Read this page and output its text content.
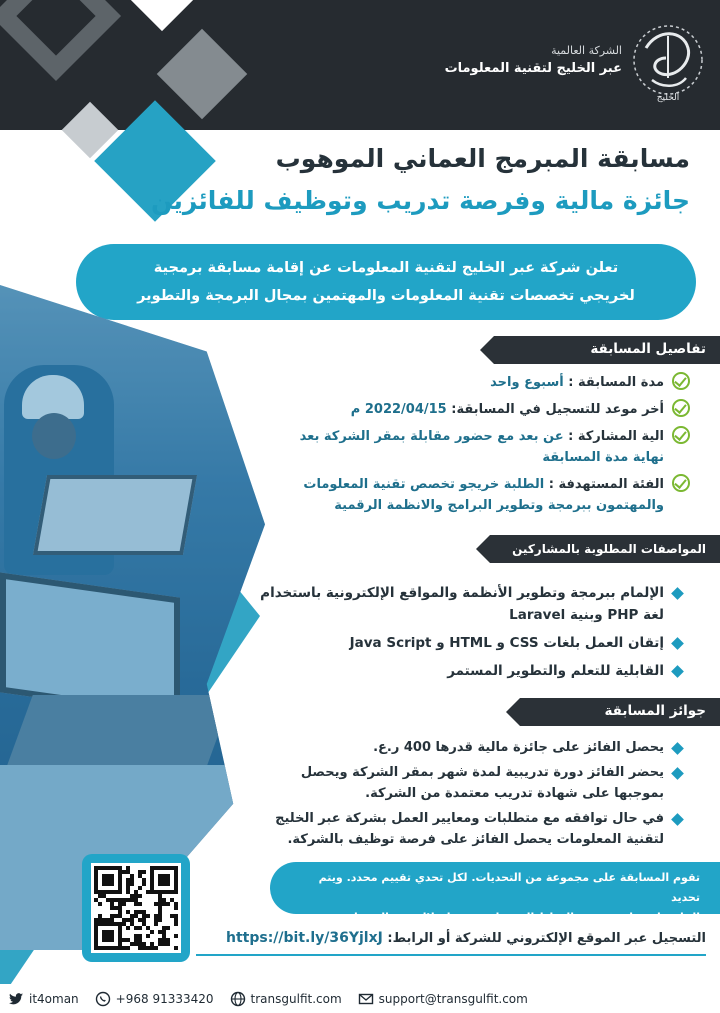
الشركة العالمية
عبر الخليج لتقنية المعلومات
الخليج
مسابقة المبرمج العماني الموهوب
جائزة مالية وفرصة تدريب وتوظيف للفائزين
تعلن شركة عبر الخليج لتقنية المعلومات عن إقامة مسابقة برمجية
لخريجي تخصصات تقنية المعلومات والمهتمين بمجال البرمجة والتطوير
تفاصيل المسابقة
مدة المسابقة : أسبوع واحد
أخر موعد للتسجيل في المسابقة: 2022/04/15 م
الية المشاركة : عن بعد مع حضور مقابلة بمقر الشركة بعد نهاية مدة المسابقة
الفئة المستهدفة : الطلبة خريجو تخصص تقنية المعلومات والمهتمون ببرمجة وتطوير البرامج والانظمة الرقمية
المواصفات المطلوبة بالمشاركين
الإلمام ببرمجة وتطوير الأنظمة والمواقع الإلكترونية باستخدام لغة PHP وبنية Laravel
إتقان العمل بلغات CSS و HTML و Java Script
القابلية للتعلم والتطوير المستمر
جوائز المسابقة
يحصل الفائز على جائزة مالية قدرها 400 ر.ع.
يحضر الفائز دورة تدريبية لمدة شهر بمقر الشركة ويحصل بموجبها على شهادة تدريب معتمدة من الشركة.
في حال توافقه مع متطلبات ومعايير العمل بشركة عبر الخليج لتقنية المعلومات يحصل الفائز على فرصة توظيف بالشركة.
تقوم المسابقة على مجموعة من التحديات. لكل تحدي تقييم محدد. ويتم تحديد
الفائز باحتساب مجموع النقاط التي قام بجمعها خلال هذه التحديات
التسجيل عبر الموقع الإلكتروني للشركة أو الرابط: https://bit.ly/36YjlxJ
it4oman	+968 91333420	transgulfit.com	support@transgulfit.com
